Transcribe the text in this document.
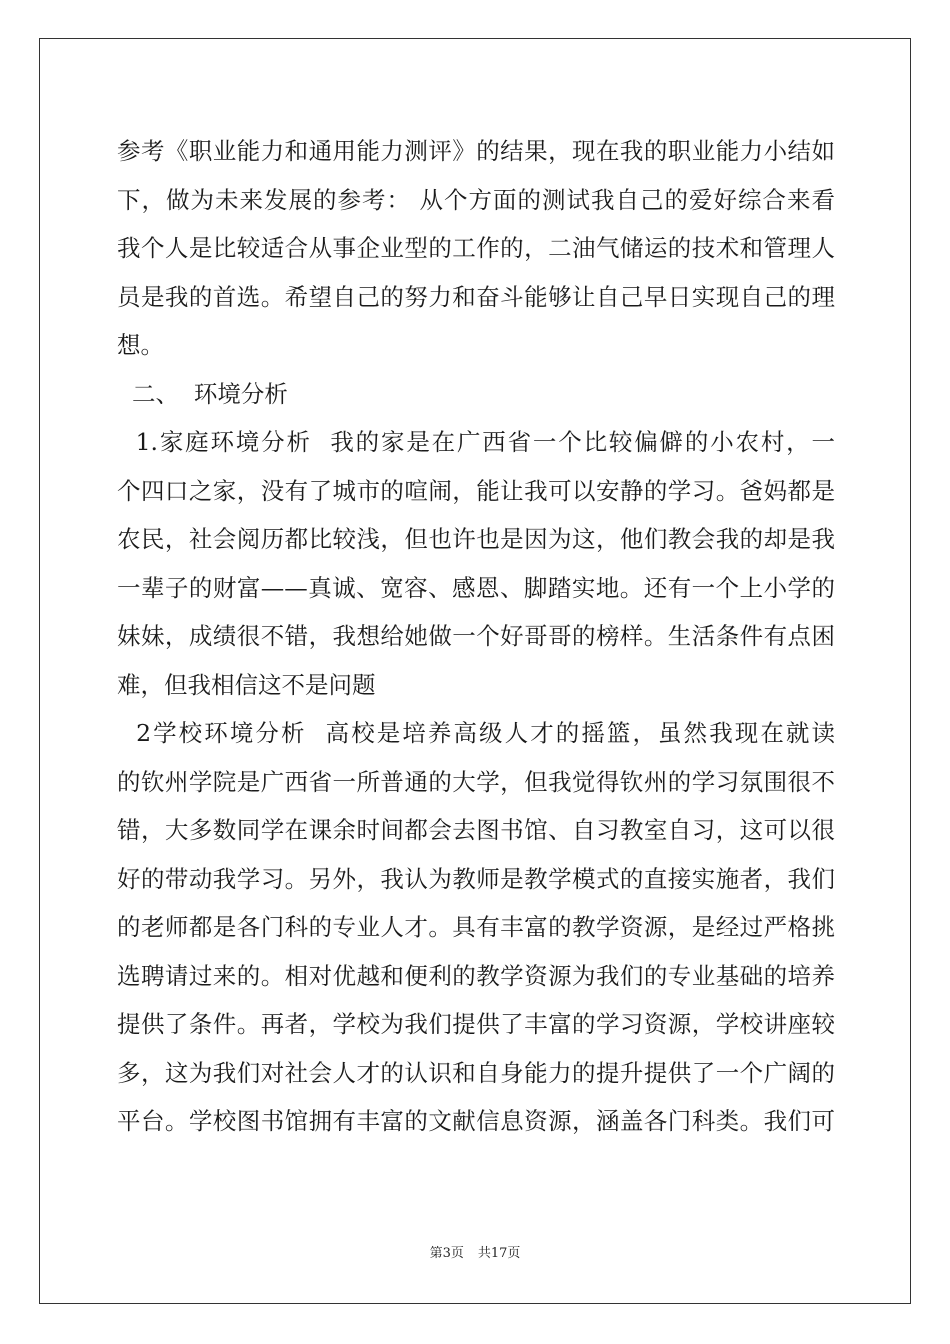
参考《职业能力和通用能力测评》的结果，现在我的职业能力小结如
下，做为未来发展的参考： 从个方面的测试我自己的爱好综合来看
我个人是比较适合从事企业型的工作的，二油气储运的技术和管理人
员是我的首选。希望自己的努力和奋斗能够让自己早日实现自己的理
想。
二、  环境分析
1.家庭环境分析  我的家是在广西省一个比较偏僻的小农村，一
个四口之家，没有了城市的喧闹，能让我可以安静的学习。爸妈都是
农民，社会阅历都比较浅，但也许也是因为这，他们教会我的却是我
一辈子的财富——真诚、宽容、感恩、脚踏实地。还有一个上小学的
妹妹，成绩很不错，我想给她做一个好哥哥的榜样。生活条件有点困
难，但我相信这不是问题
2学校环境分析  高校是培养高级人才的摇篮，虽然我现在就读
的钦州学院是广西省一所普通的大学，但我觉得钦州的学习氛围很不
错，大多数同学在课余时间都会去图书馆、自习教室自习，这可以很
好的带动我学习。另外，我认为教师是教学模式的直接实施者，我们
的老师都是各门科的专业人才。具有丰富的教学资源，是经过严格挑
选聘请过来的。相对优越和便利的教学资源为我们的专业基础的培养
提供了条件。再者，学校为我们提供了丰富的学习资源，学校讲座较
多，这为我们对社会人才的认识和自身能力的提升提供了一个广阔的
平台。学校图书馆拥有丰富的文献信息资源，涵盖各门科类。我们可
第3页 共17页
